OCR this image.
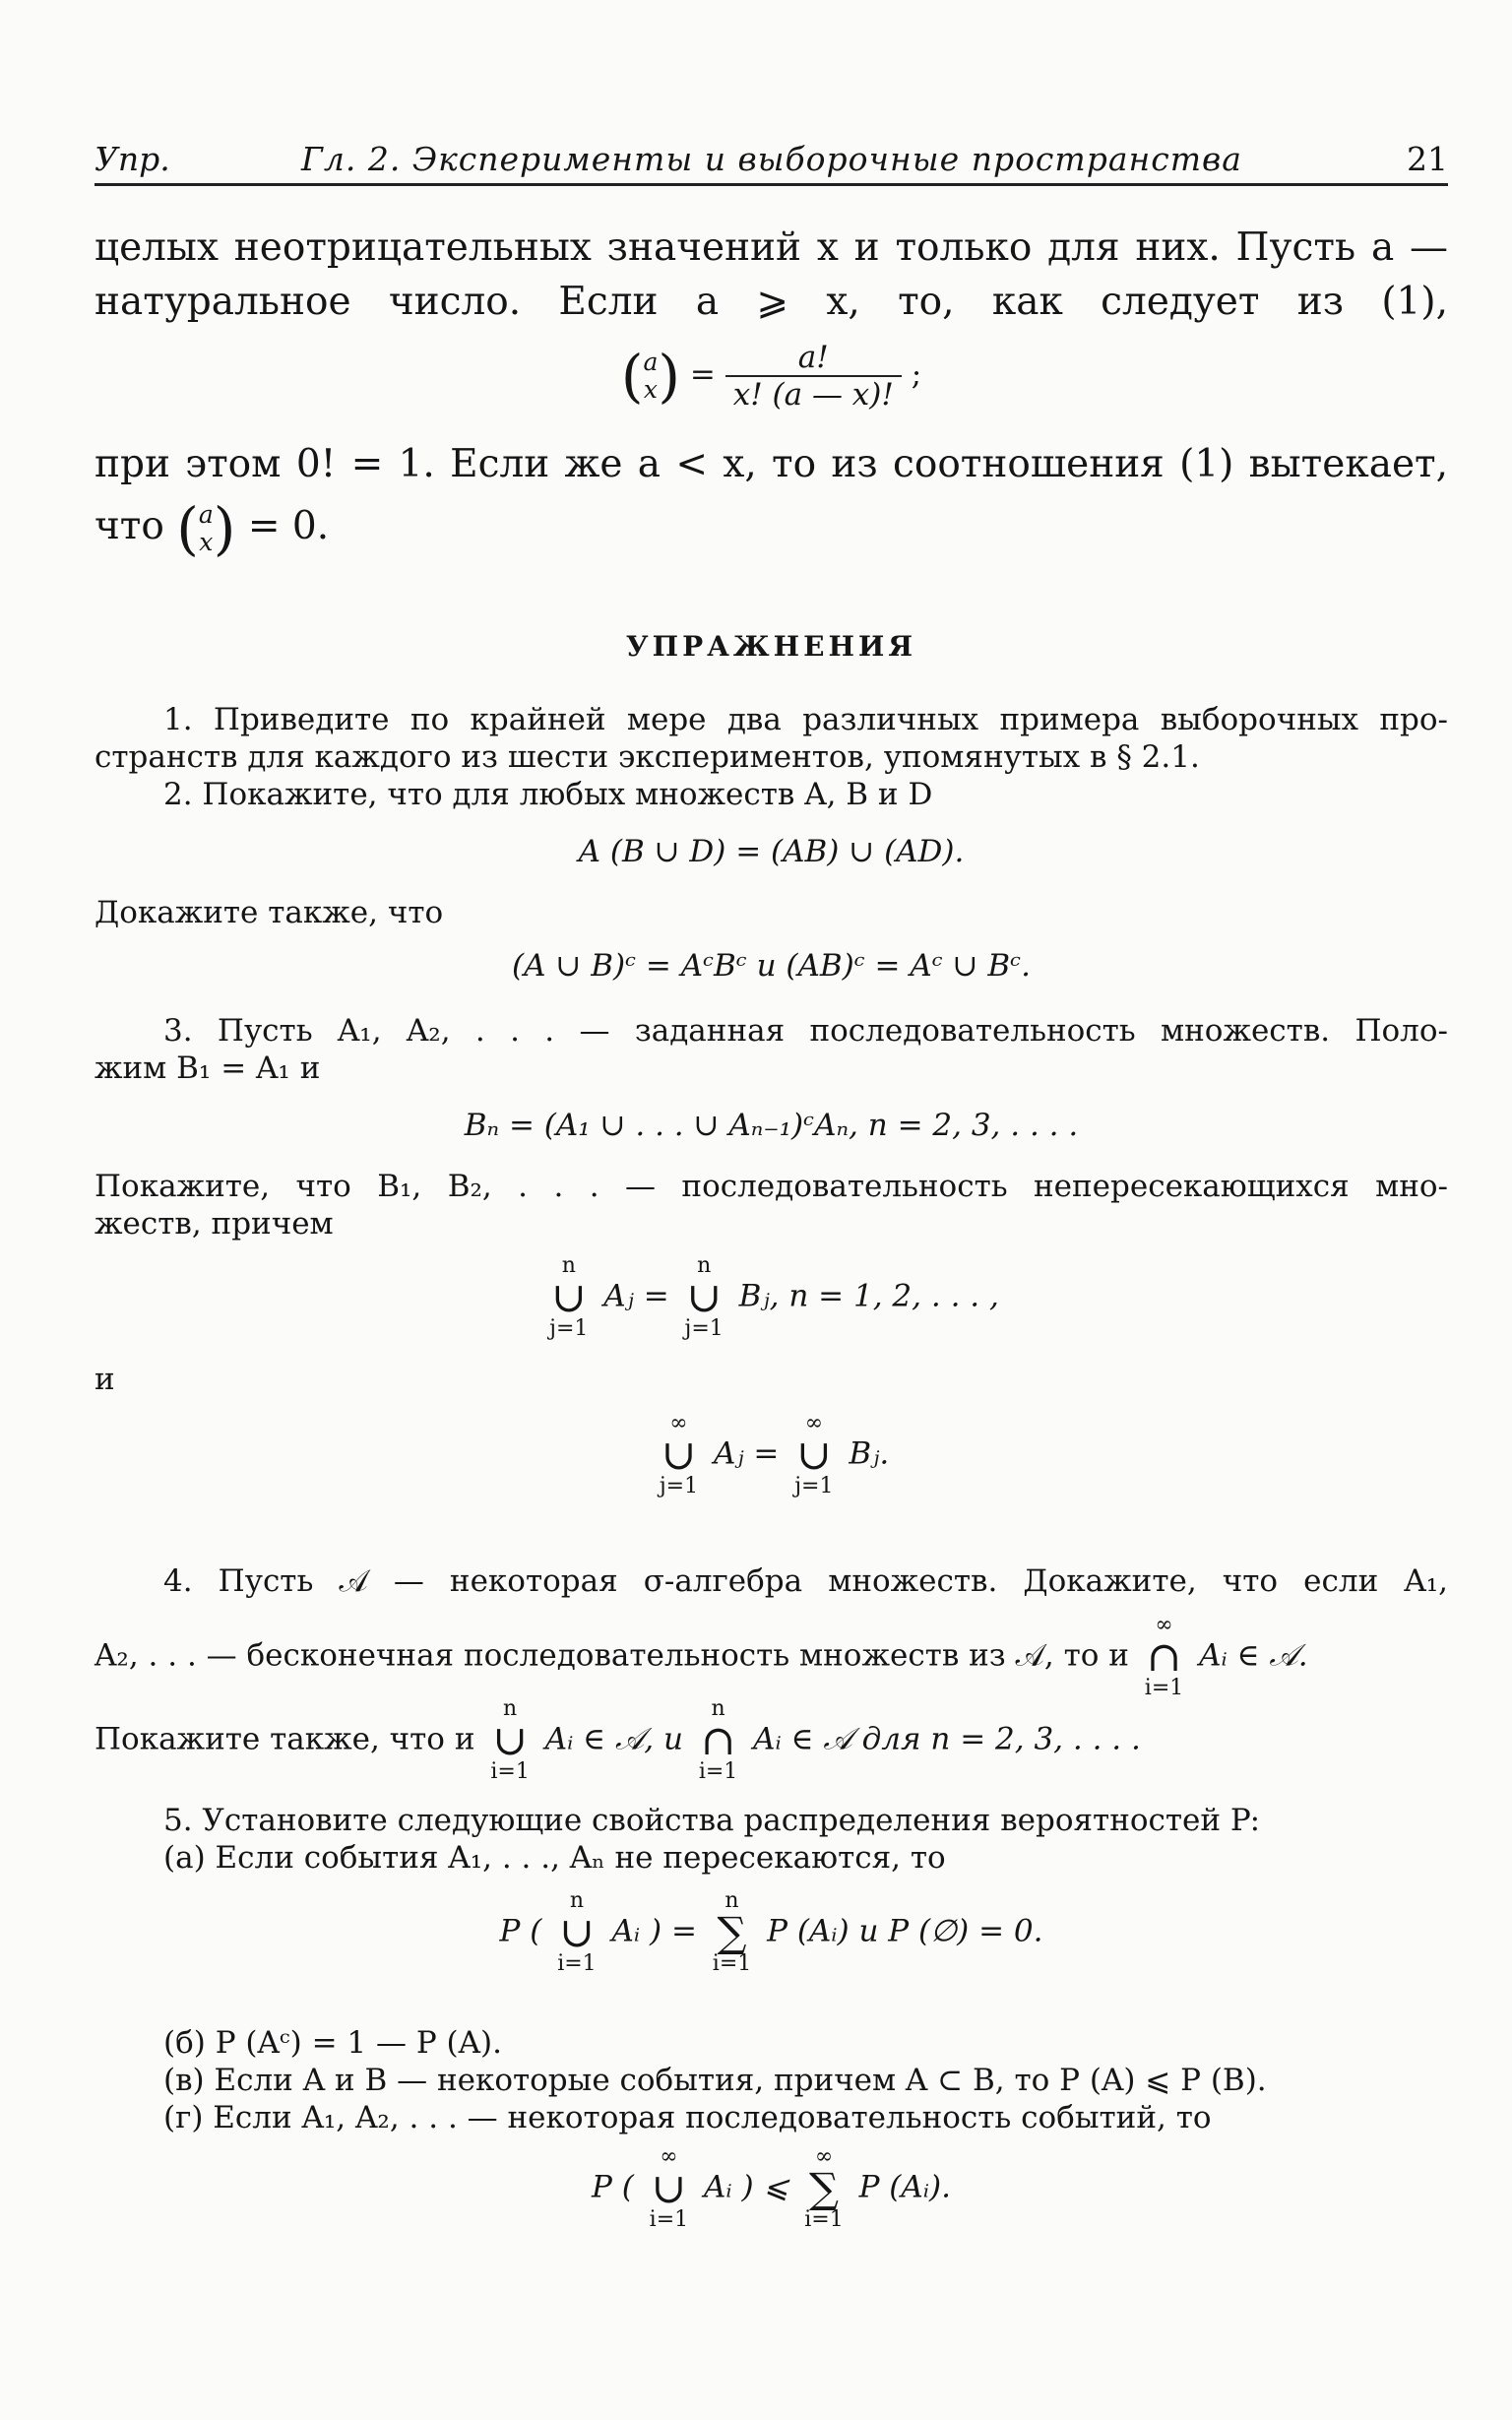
Упр.	Гл. 2. Эксперименты и выборочные пространства	21
целых неотрицательных значений x и только для них. Пусть a —
натуральное число. Если a ⩾ x, то, как следует из (1),
( a
x ) = $\frac{a!}{x! (a — x)!}$ ;
при этом 0! = 1. Если же a < x, то из соотношения (1) вытекает,
что ( a
x ) = 0.
УПРАЖНЕНИЯ
1. Приведите по крайней мере два различных примера выборочных про-
странств для каждого из шести экспериментов, упомянутых в § 2.1.
2. Покажите, что для любых множеств A, B и D
A (B ∪ D) = (AB) ∪ (AD).
Докажите также, что
(A ∪ B)ᶜ = AᶜBᶜ и (AB)ᶜ = Aᶜ ∪ Bᶜ.
3. Пусть A₁, A₂, . . . — заданная последовательность множеств. Поло-
жим B₁ = A₁ и
Bₙ = (A₁ ∪ . . . ∪ Aₙ₋₁)ᶜAₙ, n = 2, 3, . . . .
Покажите, что B₁, B₂, . . . — последовательность непересекающихся мно-
жеств, причем
n
∪
j=1
Aⱼ =
n
∪
j=1
Bⱼ, n = 1, 2, . . . ,
и
∞
∪
j=1
Aⱼ =
∞
∪
j=1
Bⱼ.
4. Пусть 𝒜 — некоторая σ-алгебра множеств. Докажите, что если A₁,
A₂, . . . — бесконечная последовательность множеств из 𝒜, то и
∞
∩
i=1
Aᵢ ∈ 𝒜.
Покажите также, что и
n
∪
i=1
Aᵢ ∈ 𝒜, и
n
∩
i=1
Aᵢ ∈ 𝒜 для n = 2, 3, . . . .
5. Установите следующие свойства распределения вероятностей P:
(а) Если события A₁, . . ., Aₙ не пересекаются, то
P (
n
∪
i=1
Aᵢ ) =
n
∑
i=1
P (Aᵢ) и P (∅) = 0.
(б) P (Aᶜ) = 1 — P (A).
(в) Если A и B — некоторые события, причем A ⊂ B, то P (A) ⩽ P (B).
(г) Если A₁, A₂, . . . — некоторая последовательность событий, то
P (
∞
∪
i=1
Aᵢ ) ⩽
∞
∑
i=1
P (Aᵢ).
